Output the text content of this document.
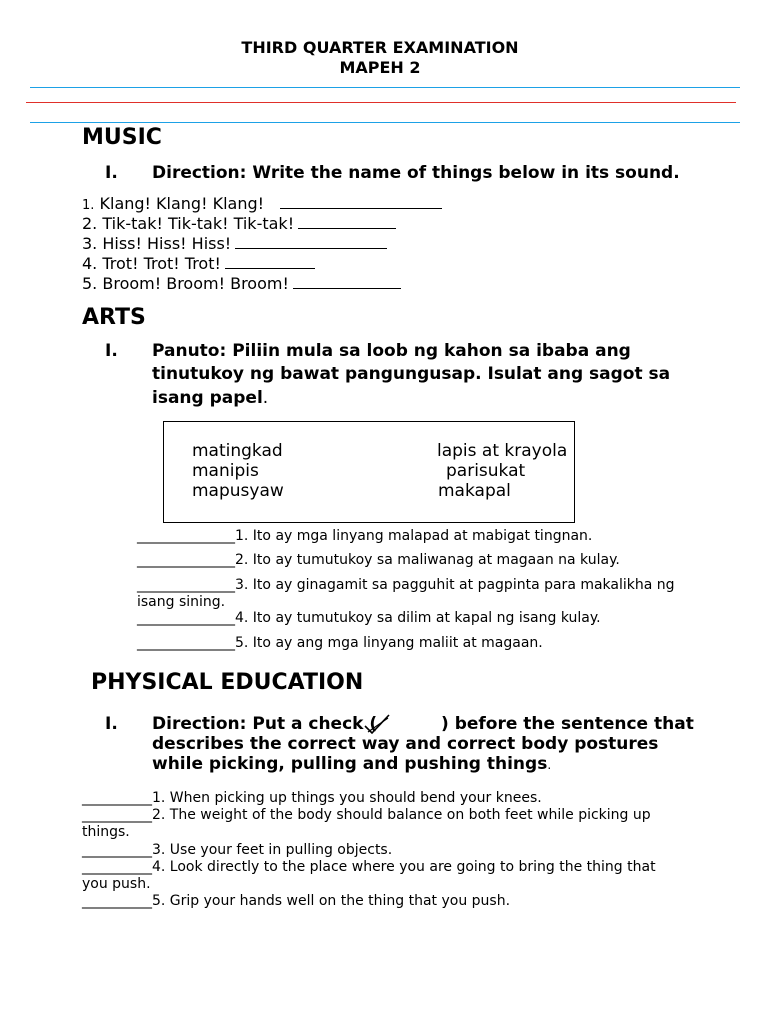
THIRD QUARTER EXAMINATION
MAPEH 2
MUSIC
I. Direction: Write the name of things below in its sound.
1. Klang! Klang! Klang!
2. Tik-tak! Tik-tak! Tik-tak!
3. Hiss! Hiss! Hiss!
4. Trot! Trot! Trot!
5. Broom! Broom! Broom!
ARTS
I. Panuto: Piliin mula sa loob ng kahon sa ibaba ang
tinutukoy ng bawat pangungusap. Isulat ang sagot sa
isang papel.
matingkad
manipis
mapusyaw
lapis at krayola
parisukat
makapal
______________1. Ito ay mga linyang malapad at mabigat tingnan.
______________2. Ito ay tumutukoy sa maliwanag at magaan na kulay.
______________3. Ito ay ginagamit sa pagguhit at pagpinta para makalikha ng
isang sining.
______________4. Ito ay tumutukoy sa dilim at kapal ng isang kulay.
______________5. Ito ay ang mga linyang maliit at magaan.
PHYSICAL EDUCATION
I. Direction: Put a check (	) before the sentence that
describes the correct way and correct body postures
while picking, pulling and pushing things.
__________1. When picking up things you should bend your knees.
__________2. The weight of the body should balance on both feet while picking up
things.
__________3. Use your feet in pulling objects.
__________4. Look directly to the place where you are going to bring the thing that
you push.
__________5. Grip your hands well on the thing that you push.
